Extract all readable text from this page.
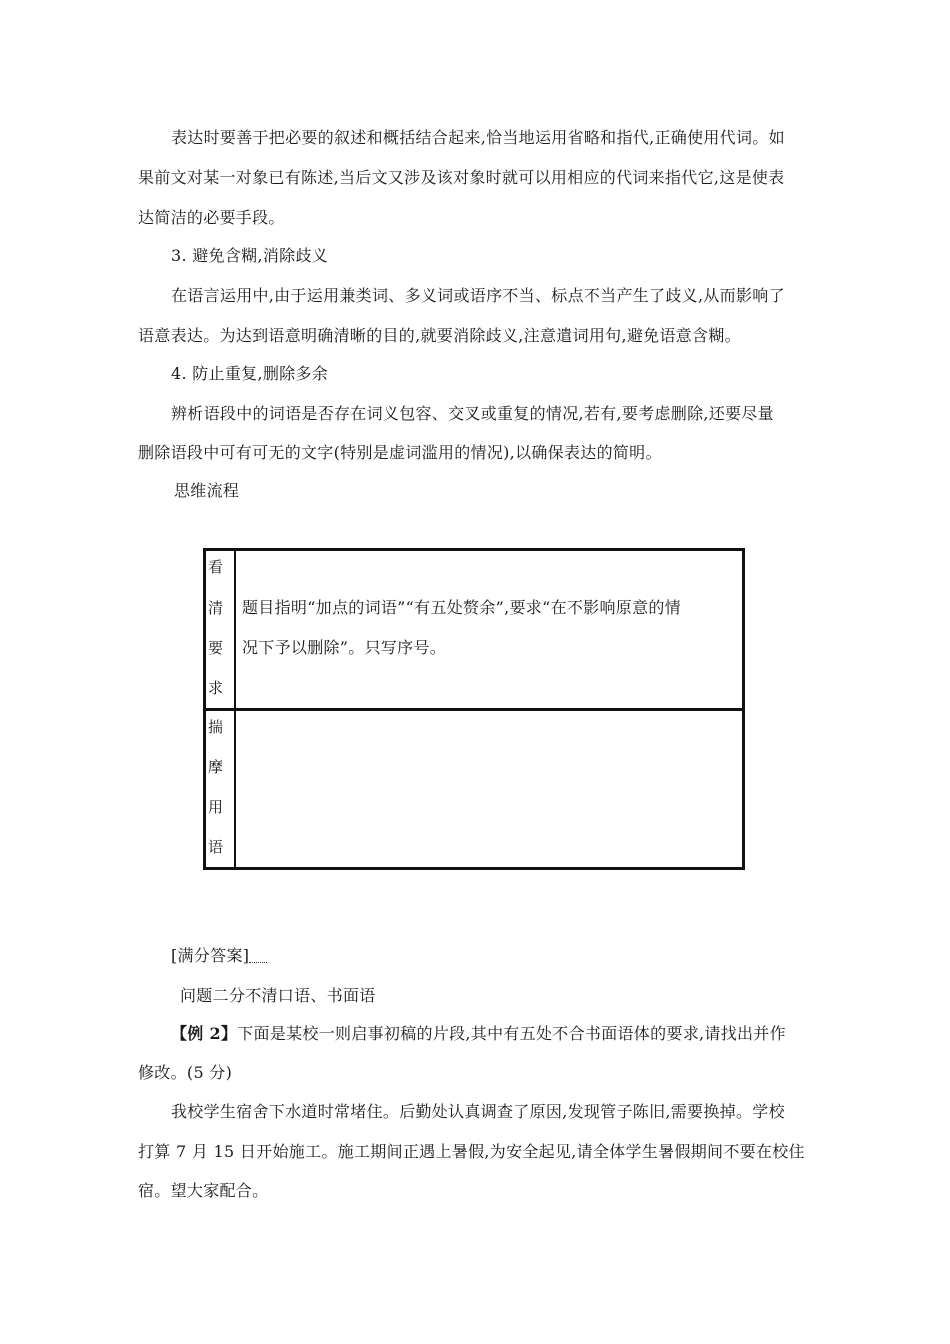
表达时要善于把必要的叙述和概括结合起来,恰当地运用省略和指代,正确使用代词。如
果前文对某一对象已有陈述,当后文又涉及该对象时就可以用相应的代词来指代它,这是使表
达简洁的必要手段。
3. 避免含糊,消除歧义
在语言运用中,由于运用兼类词、多义词或语序不当、标点不当产生了歧义,从而影响了
语意表达。为达到语意明确清晰的目的,就要消除歧义,注意遣词用句,避免语意含糊。
4. 防止重复,删除多余
辨析语段中的词语是否存在词义包容、交叉或重复的情况,若有,要考虑删除,还要尽量
删除语段中可有可无的文字(特别是虚词滥用的情况),以确保表达的简明。
思维流程
看
清
要
求
题目指明“加点的词语”“有五处赘余”,要求“在不影响原意的情
况下予以删除”。只写序号。
揣
摩
用
语
[满分答案]
问题二分不清口语、书面语
【例 2】下面是某校一则启事初稿的片段,其中有五处不合书面语体的要求,请找出并作
修改。(5 分)
我校学生宿舍下水道时常堵住。后勤处认真调查了原因,发现管子陈旧,需要换掉。学校
打算 7 月 15 日开始施工。施工期间正遇上暑假,为安全起见,请全体学生暑假期间不要在校住
宿。望大家配合。
